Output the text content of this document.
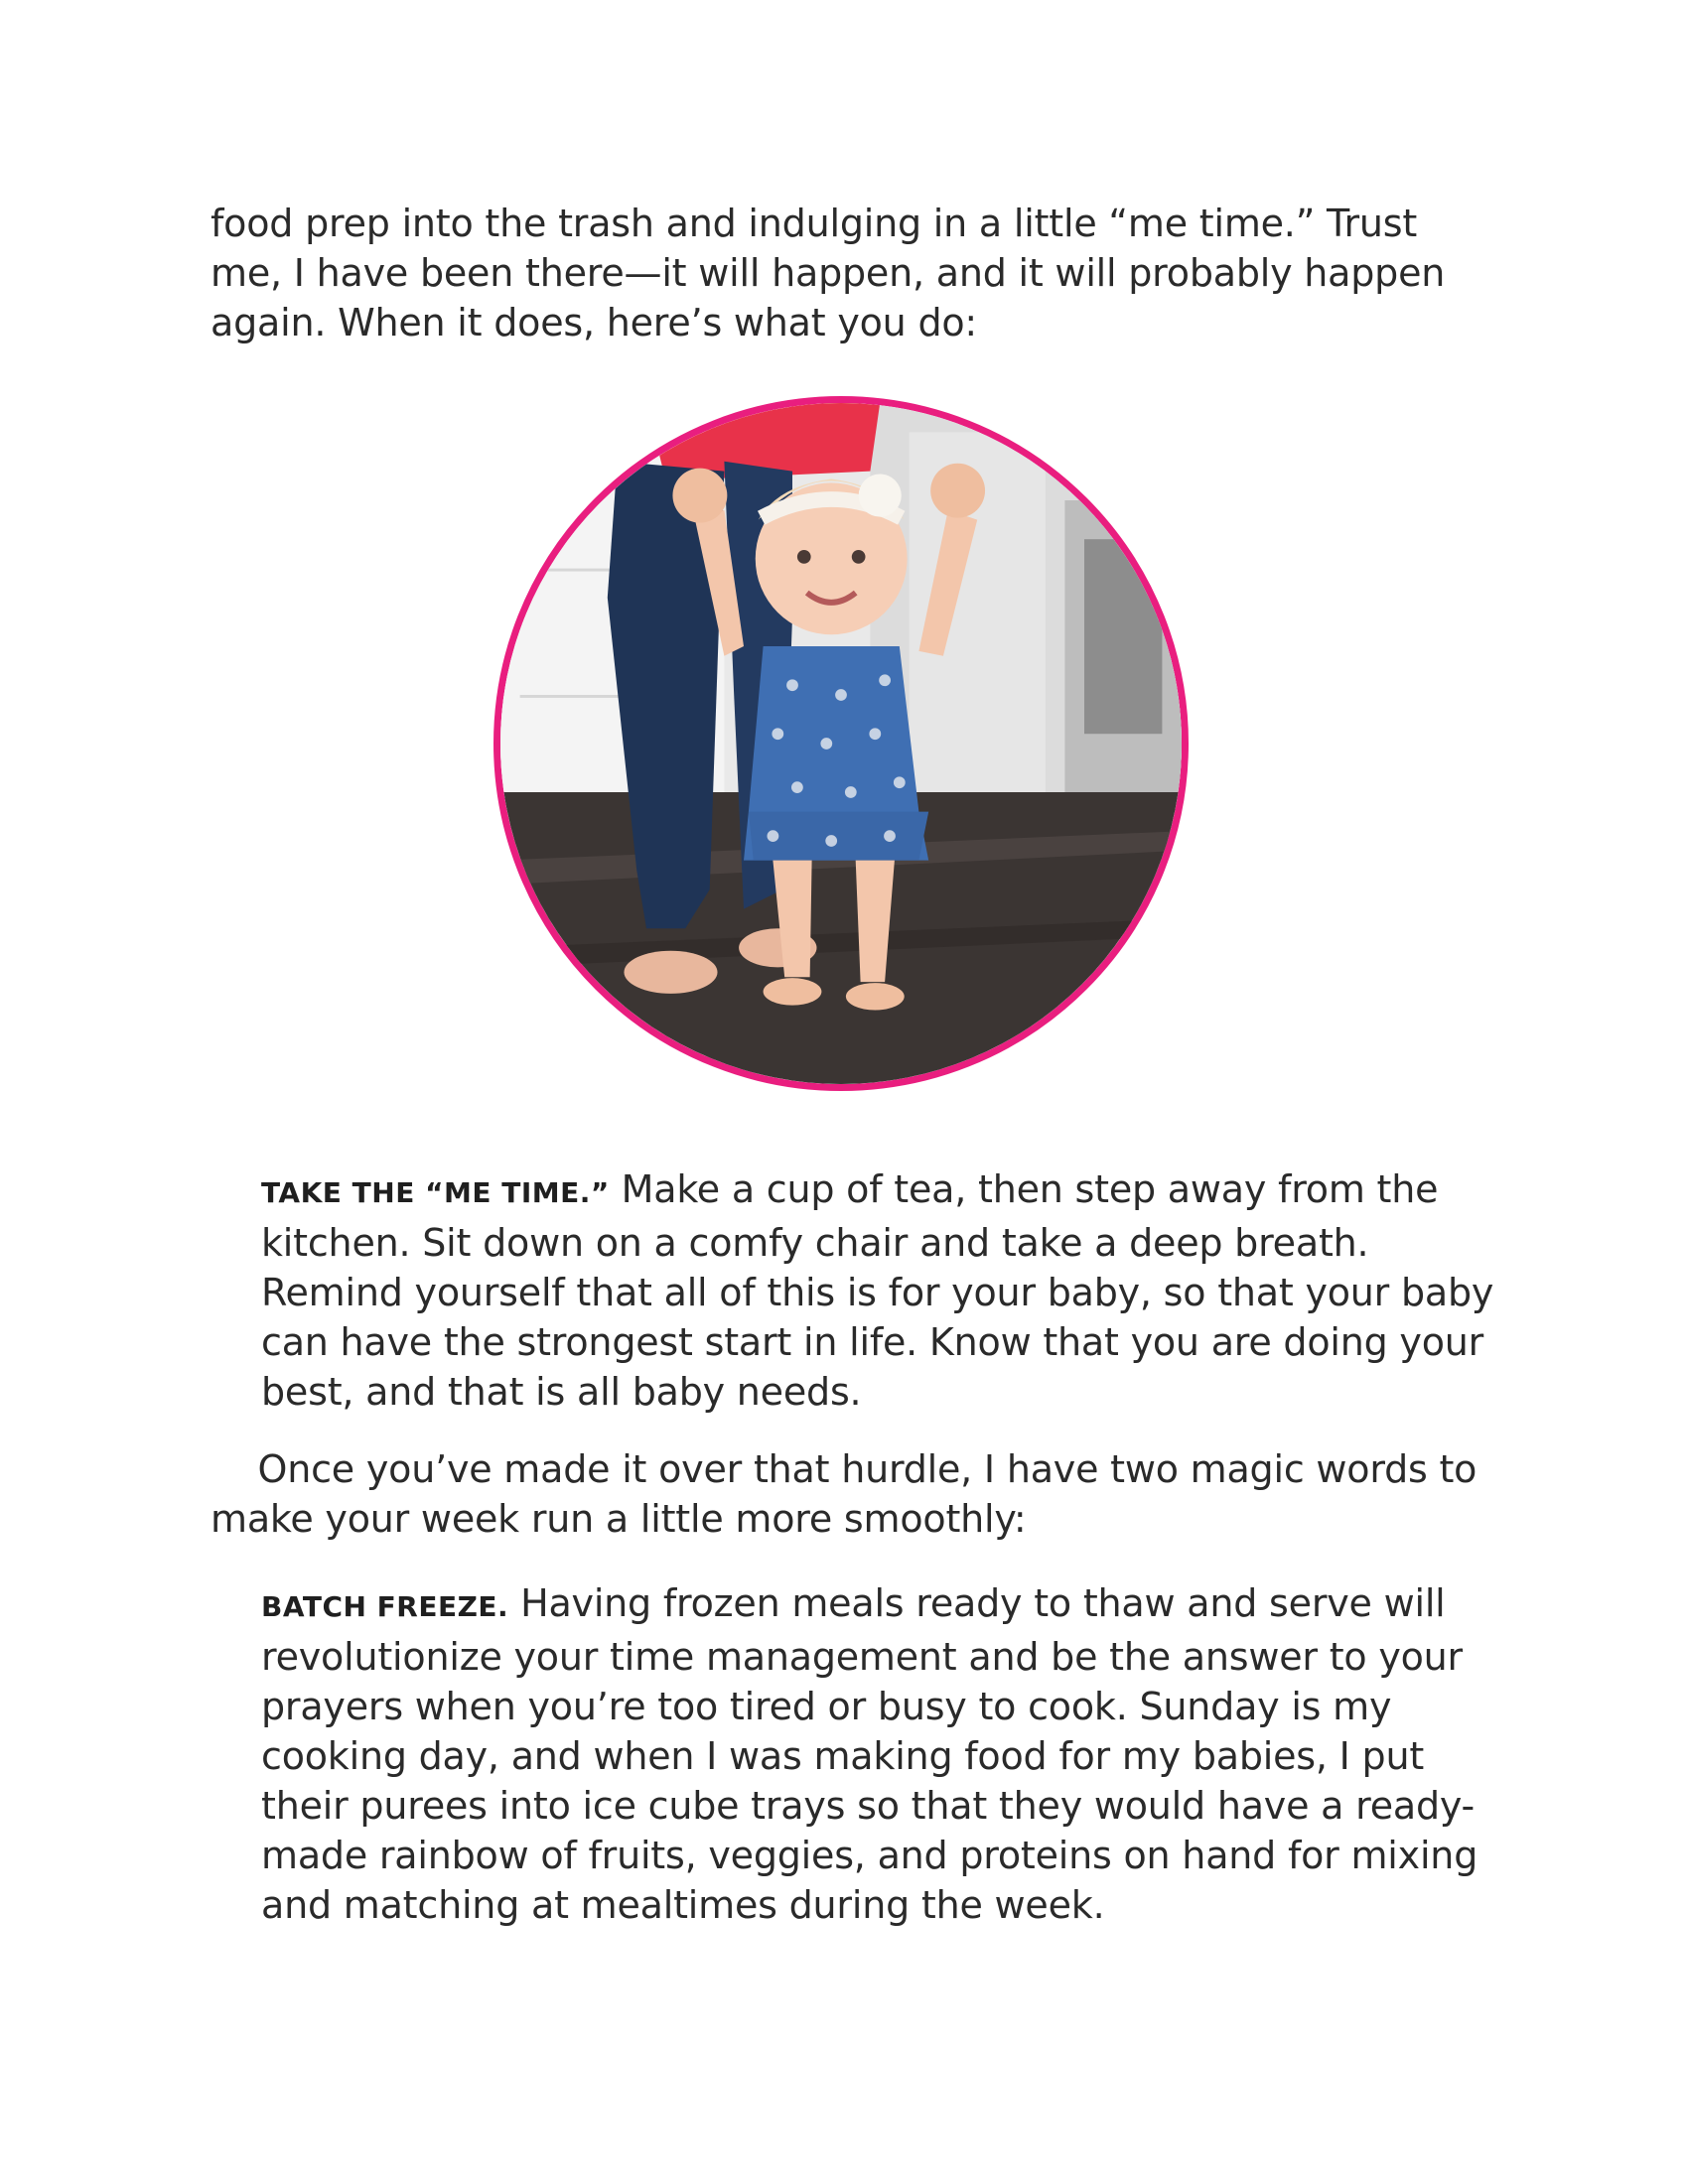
food prep into the trash and indulging in a little “me time.” Trust
me, I have been there—it will happen, and it will probably happen
again. When it does, here’s what you do:
TAKE THE “ME TIME.” Make a cup of tea, then step away from the
kitchen. Sit down on a comfy chair and take a deep breath.
Remind yourself that all of this is for your baby, so that your baby
can have the strongest start in life. Know that you are doing your
best, and that is all baby needs.
Once you’ve made it over that hurdle, I have two magic words to
make your week run a little more smoothly:
BATCH FREEZE. Having frozen meals ready to thaw and serve will
revolutionize your time management and be the answer to your
prayers when you’re too tired or busy to cook. Sunday is my
cooking day, and when I was making food for my babies, I put
their purees into ice cube trays so that they would have a ready-
made rainbow of fruits, veggies, and proteins on hand for mixing
and matching at mealtimes during the week.
